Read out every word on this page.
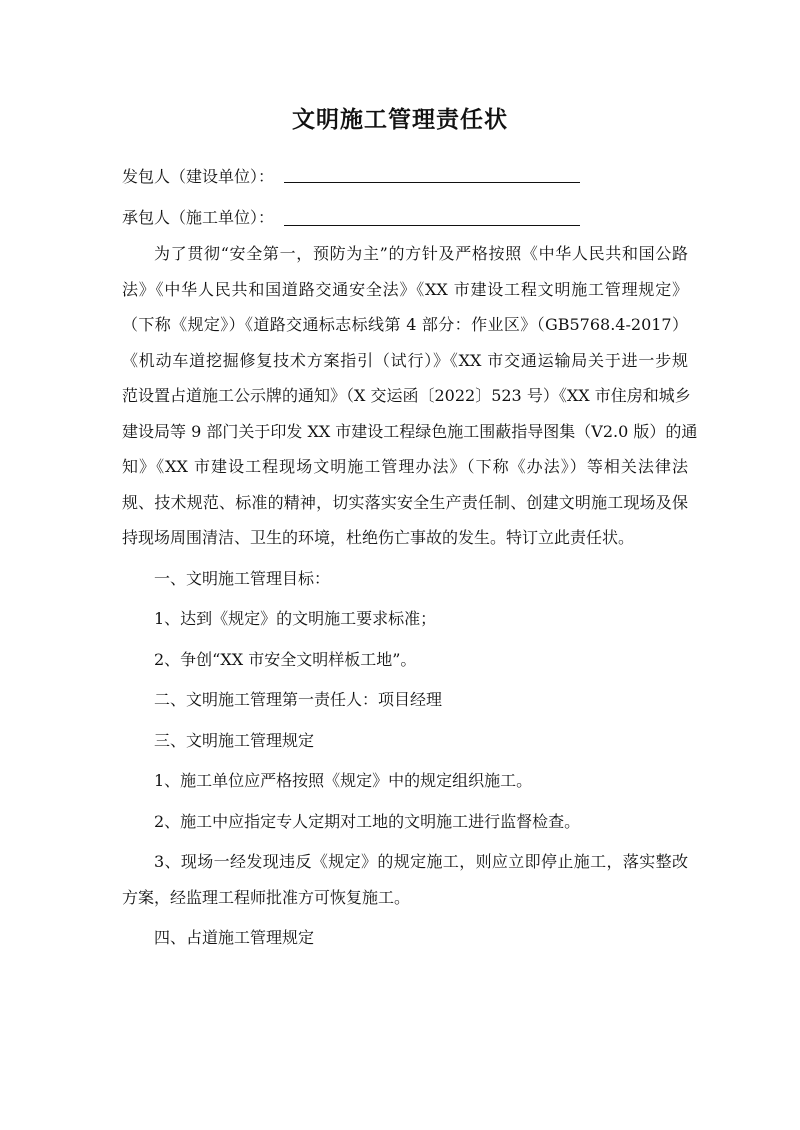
文明施工管理责任状
发包人（建设单位）：
承包人（施工单位）：
为了贯彻“安全第一，预防为主”的方针及严格按照《中华人民共和国公路
法》《中华人民共和国道路交通安全法》《XX 市建设工程文明施工管理规定》
（下称《规定》）《道路交通标志标线第 4 部分：作业区》（GB5768.4-2017）
《机动车道挖掘修复技术方案指引（试行）》《XX 市交通运输局关于进一步规
范设置占道施工公示牌的通知》（X 交运函〔2022〕523 号）《XX 市住房和城乡
建设局等 9 部门关于印发 XX 市建设工程绿色施工围蔽指导图集（V2.0 版）的通
知》《XX 市建设工程现场文明施工管理办法》（下称《办法》）等相关法律法
规、技术规范、标准的精神，切实落实安全生产责任制、创建文明施工现场及保
持现场周围清洁、卫生的环境，杜绝伤亡事故的发生。特订立此责任状。
一、文明施工管理目标：
1、达到《规定》的文明施工要求标准；
2、争创“XX 市安全文明样板工地”。
二、文明施工管理第一责任人：项目经理
三、文明施工管理规定
1、施工单位应严格按照《规定》中的规定组织施工。
2、施工中应指定专人定期对工地的文明施工进行监督检查。
3、现场一经发现违反《规定》的规定施工，则应立即停止施工，落实整改
方案，经监理工程师批准方可恢复施工。
四、占道施工管理规定
